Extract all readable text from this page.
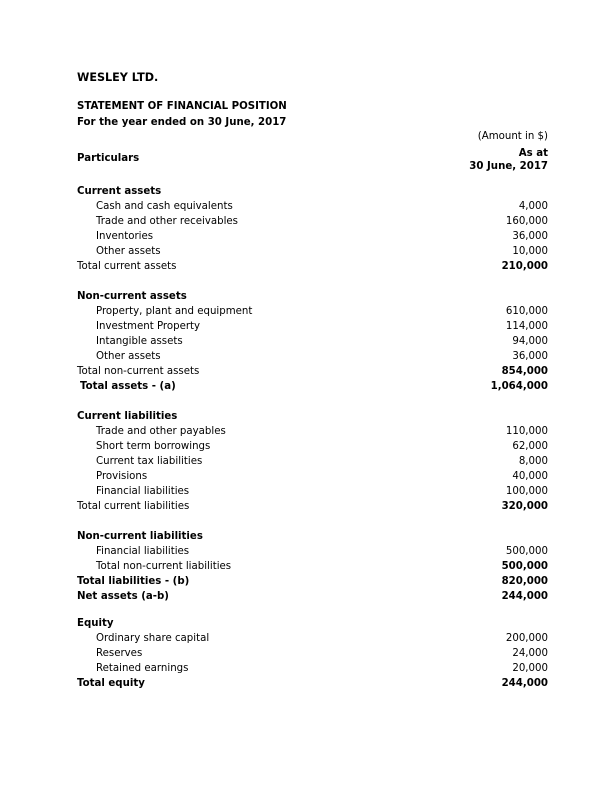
WESLEY LTD.
STATEMENT OF FINANCIAL POSITION
For the year ended on 30 June, 2017
(Amount in $)
Particulars	As at
30 June, 2017
Current assets
Cash and cash equivalents	4,000
Trade and other receivables	160,000
Inventories	36,000
Other assets	10,000
Total current assets	210,000
Non-current assets
Property, plant and equipment	610,000
Investment Property	114,000
Intangible assets	94,000
Other assets	36,000
Total non-current assets	854,000
Total assets - (a)	1,064,000
Current liabilities
Trade and other payables	110,000
Short term borrowings	62,000
Current tax liabilities	8,000
Provisions	40,000
Financial liabilities	100,000
Total current liabilities	320,000
Non-current liabilities
Financial liabilities	500,000
Total non-current liabilities	500,000
Total liabilities - (b)	820,000
Net assets (a-b)	244,000
Equity
Ordinary share capital	200,000
Reserves	24,000
Retained earnings	20,000
Total equity	244,000
